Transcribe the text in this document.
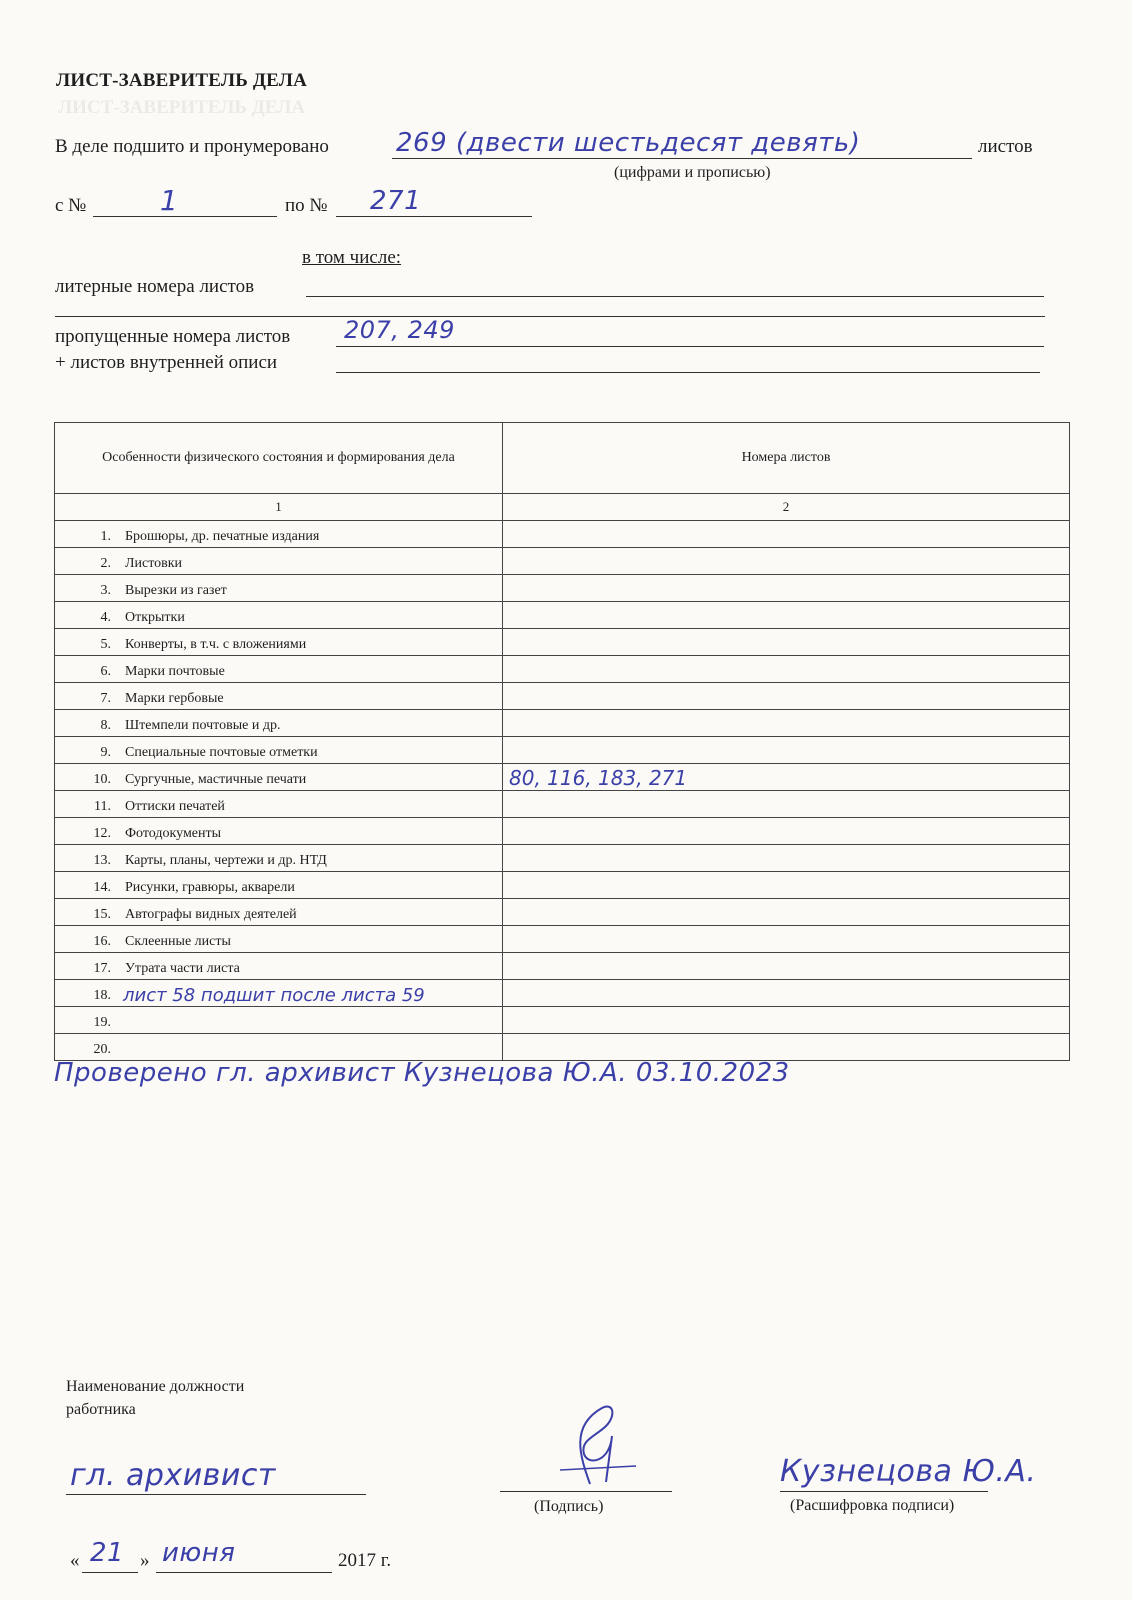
ЛИСТ-ЗАВЕРИТЕЛЬ ДЕЛА
ЛИСТ-ЗАВЕРИТЕЛЬ ДЕЛА
В деле подшито и пронумеровано	269 (двести шестьдесят девять)	листов
(цифрами и прописью)
с №	1	по № 271
в том числе:
литерные номера листов
пропущенные номера листов 207, 249
+ листов внутренней описи
Особенности физического состояния и формирования дела	Номера листов
1	2

1. Брошюры, др. печатные издания	

2. Листовки	

3. Вырезки из газет	

4. Открытки	

5. Конверты, в т.ч. с вложениями	

6. Марки почтовые	

7. Марки гербовые	

8. Штемпели почтовые и др.	

9. Специальные почтовые отметки	

10. Сургучные, мастичные печати	80, 116, 183, 271

11. Оттиски печатей	

12. Фотодокументы	

13. Карты, планы, чертежи и др. НТД	

14. Рисунки, гравюры, акварели	

15. Автографы видных деятелей	

16. Склеенные листы	

17. Утрата части листа	

18. лист 58 подшит после листа 59	

19.	

20.	

Проверено гл. архивист Кузнецова Ю.А. 03.10.2023
Наименование должности
работника
гл. архивист
(Подпись)
Кузнецова Ю.А.
(Расшифровка подписи)
« 21 » июня	2017 г.
